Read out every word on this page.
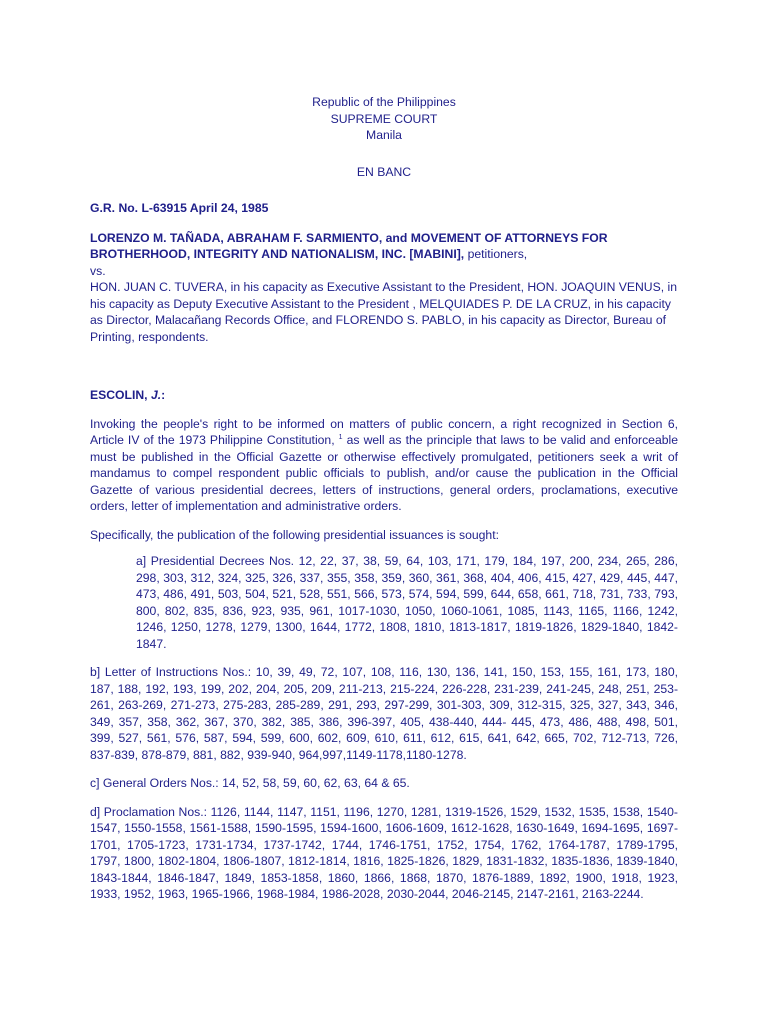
Republic of the Philippines
SUPREME COURT
Manila

EN BANC

G.R. No. L-63915 April 24, 1985

LORENZO M. TAÑADA, ABRAHAM F. SARMIENTO, and MOVEMENT OF ATTORNEYS FOR BROTHERHOOD, INTEGRITY AND NATIONALISM, INC. [MABINI], petitioners,

vs.

HON. JUAN C. TUVERA, in his capacity as Executive Assistant to the President, HON. JOAQUIN VENUS, in his capacity as Deputy Executive Assistant to the President , MELQUIADES P. DE LA CRUZ, in his capacity as Director, Malacañang Records Office, and FLORENDO S. PABLO, in his capacity as Director, Bureau of Printing, respondents.

ESCOLIN, J.:

Invoking the people's right to be informed on matters of public concern, a right recognized in Section 6, Article IV of the 1973 Philippine Constitution, $^1$ as well as the principle that laws to be valid and enforceable must be published in the Official Gazette or otherwise effectively promulgated, petitioners seek a writ of mandamus to compel respondent public officials to publish, and/or cause the publication in the Official Gazette of various presidential decrees, letters of instructions, general orders, proclamations, executive orders, letter of implementation and administrative orders.

Specifically, the publication of the following presidential issuances is sought:

a] Presidential Decrees Nos. 12, 22, 37, 38, 59, 64, 103, 171, 179, 184, 197, 200, 234, 265, 286, 298, 303, 312, 324, 325, 326, 337, 355, 358, 359, 360, 361, 368, 404, 406, 415, 427, 429, 445, 447, 473, 486, 491, 503, 504, 521, 528, 551, 566, 573, 574, 594, 599, 644, 658, 661, 718, 731, 733, 793, 800, 802, 835, 836, 923, 935, 961, 1017-1030, 1050, 1060-1061, 1085, 1143, 1165, 1166, 1242, 1246, 1250, 1278, 1279, 1300, 1644, 1772, 1808, 1810, 1813-1817, 1819-1826, 1829-1840, 1842-1847.

b] Letter of Instructions Nos.: 10, 39, 49, 72, 107, 108, 116, 130, 136, 141, 150, 153, 155, 161, 173, 180, 187, 188, 192, 193, 199, 202, 204, 205, 209, 211-213, 215-224, 226-228, 231-239, 241-245, 248, 251, 253-261, 263-269, 271-273, 275-283, 285-289, 291, 293, 297-299, 301-303, 309, 312-315, 325, 327, 343, 346, 349, 357, 358, 362, 367, 370, 382, 385, 386, 396-397, 405, 438-440, 444- 445, 473, 486, 488, 498, 501, 399, 527, 561, 576, 587, 594, 599, 600, 602, 609, 610, 611, 612, 615, 641, 642, 665, 702, 712-713, 726, 837-839, 878-879, 881, 882, 939-940, 964,997,1149-1178,1180-1278.

c] General Orders Nos.: 14, 52, 58, 59, 60, 62, 63, 64 & 65.

d] Proclamation Nos.: 1126, 1144, 1147, 1151, 1196, 1270, 1281, 1319-1526, 1529, 1532, 1535, 1538, 1540-1547, 1550-1558, 1561-1588, 1590-1595, 1594-1600, 1606-1609, 1612-1628, 1630-1649, 1694-1695, 1697-1701, 1705-1723, 1731-1734, 1737-1742, 1744, 1746-1751, 1752, 1754, 1762, 1764-1787, 1789-1795, 1797, 1800, 1802-1804, 1806-1807, 1812-1814, 1816, 1825-1826, 1829, 1831-1832, 1835-1836, 1839-1840, 1843-1844, 1846-1847, 1849, 1853-1858, 1860, 1866, 1868, 1870, 1876-1889, 1892, 1900, 1918, 1923, 1933, 1952, 1963, 1965-1966, 1968-1984, 1986-2028, 2030-2044, 2046-2145, 2147-2161, 2163-2244.
